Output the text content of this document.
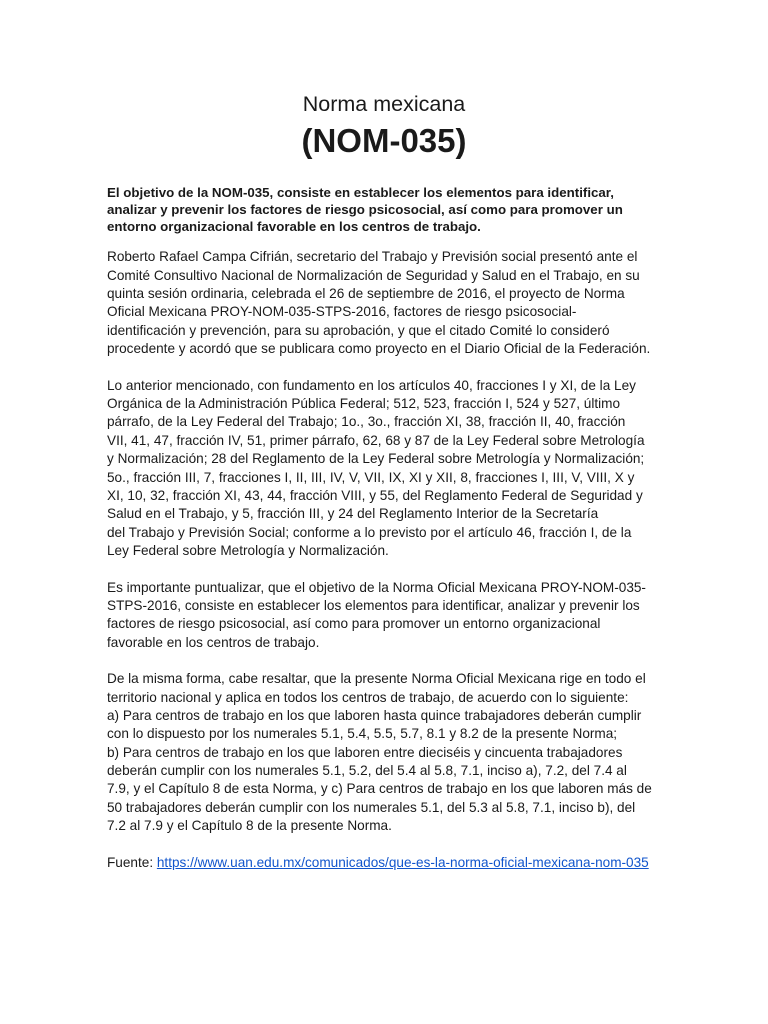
Norma mexicana
(NOM-035)

El objetivo de la NOM-035, consiste en establecer los elementos para identificar,
analizar y prevenir los factores de riesgo psicosocial, así como para promover un
entorno organizacional favorable en los centros de trabajo.

Roberto Rafael Campa Cifrián, secretario del Trabajo y Previsión social presentó ante el
Comité Consultivo Nacional de Normalización de Seguridad y Salud en el Trabajo, en su
quinta sesión ordinaria, celebrada el 26 de septiembre de 2016, el proyecto de Norma
Oficial Mexicana PROY-NOM-035-STPS-2016, factores de riesgo psicosocial-
identificación y prevención, para su aprobación, y que el citado Comité lo consideró
procedente y acordó que se publicara como proyecto en el Diario Oficial de la Federación.

Lo anterior mencionado, con fundamento en los artículos 40, fracciones I y XI, de la Ley
Orgánica de la Administración Pública Federal; 512, 523, fracción I, 524 y 527, último
párrafo, de la Ley Federal del Trabajo; 1o., 3o., fracción XI, 38, fracción II, 40, fracción
VII, 41, 47, fracción IV, 51, primer párrafo, 62, 68 y 87 de la Ley Federal sobre Metrología
y Normalización; 28 del Reglamento de la Ley Federal sobre Metrología y Normalización;
5o., fracción III, 7, fracciones I, II, III, IV, V, VII, IX, XI y XII, 8, fracciones I, III, V, VIII, X y
XI, 10, 32, fracción XI, 43, 44, fracción VIII, y 55, del Reglamento Federal de Seguridad y
Salud en el Trabajo, y 5, fracción III, y 24 del Reglamento Interior de la Secretaría
del Trabajo y Previsión Social; conforme a lo previsto por el artículo 46, fracción I, de la
Ley Federal sobre Metrología y Normalización.

Es importante puntualizar, que el objetivo de la Norma Oficial Mexicana PROY-NOM-035-
STPS-2016, consiste en establecer los elementos para identificar, analizar y prevenir los
factores de riesgo psicosocial, así como para promover un entorno organizacional
favorable en los centros de trabajo.

De la misma forma, cabe resaltar, que la presente Norma Oficial Mexicana rige en todo el
territorio nacional y aplica en todos los centros de trabajo, de acuerdo con lo siguiente:
a) Para centros de trabajo en los que laboren hasta quince trabajadores deberán cumplir
con lo dispuesto por los numerales 5.1, 5.4, 5.5, 5.7, 8.1 y 8.2 de la presente Norma;
b) Para centros de trabajo en los que laboren entre dieciséis y cincuenta trabajadores
deberán cumplir con los numerales 5.1, 5.2, del 5.4 al 5.8, 7.1, inciso a), 7.2, del 7.4 al
7.9, y el Capítulo 8 de esta Norma, y c) Para centros de trabajo en los que laboren más de
50 trabajadores deberán cumplir con los numerales 5.1, del 5.3 al 5.8, 7.1, inciso b), del
7.2 al 7.9 y el Capítulo 8 de la presente Norma.

Fuente: https://www.uan.edu.mx/comunicados/que-es-la-norma-oficial-mexicana-nom-035
